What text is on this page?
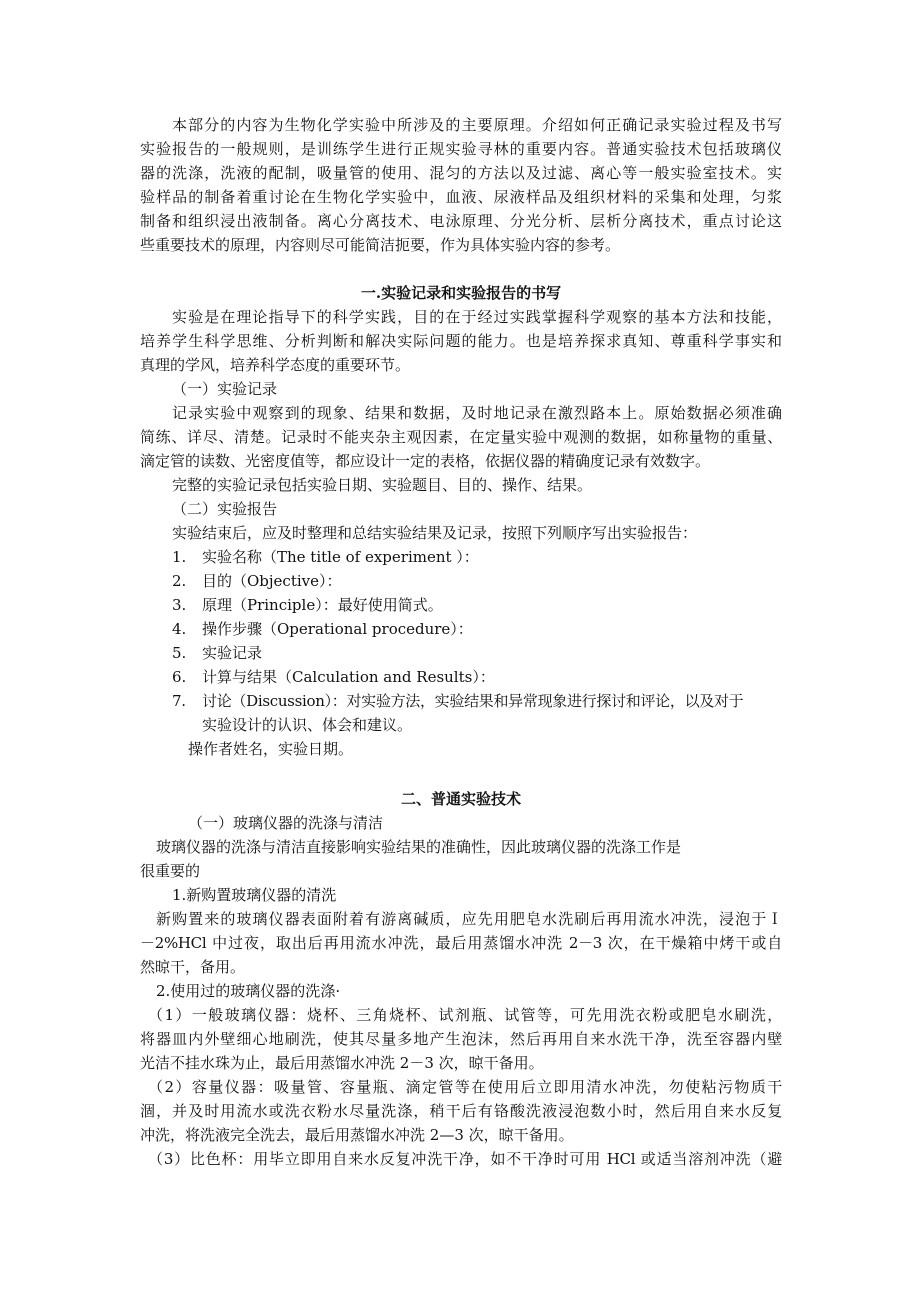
本部分的内容为生物化学实验中所涉及的主要原理。介绍如何正确记录实验过程及书写
实验报告的一般规则，是训练学生进行正规实验寻林的重要内容。普通实验技术包括玻璃仪
器的洗涤，洗液的配制，吸量管的使用、混匀的方法以及过滤、离心等一般实验室技术。实
验样品的制备着重讨论在生物化学实验中，血液、尿液样品及组织材料的采集和处理，匀浆
制备和组织浸出液制备。离心分离技术、电泳原理、分光分析、层析分离技术，重点讨论这
些重要技术的原理，内容则尽可能简洁扼要，作为具体实验内容的参考。
一.实验记录和实验报告的书写
实验是在理论指导下的科学实践，目的在于经过实践掌握科学观察的基本方法和技能，
培养学生科学思维、分析判断和解决实际问题的能力。也是培养探求真知、尊重科学事实和
真理的学风，培养科学态度的重要环节。
（一）实验记录
记录实验中观察到的现象、结果和数据，及时地记录在激烈路本上。原始数据必须准确
简练、详尽、清楚。记录时不能夹杂主观因素，在定量实验中观测的数据，如称量物的重量、
滴定管的读数、光密度值等，都应设计一定的表格，依据仪器的精确度记录有效数字。
完整的实验记录包括实验日期、实验题目、目的、操作、结果。
（二）实验报告
实验结束后，应及时整理和总结实验结果及记录，按照下列顺序写出实验报告：
1. 实验名称（The title of experiment ）：
2. 目的（Objective）：
3. 原理（Principle）：最好使用简式。
4. 操作步骤（Operational procedure）：
5. 实验记录
6. 计算与结果（Calculation and Results）：
7. 讨论（Discussion）：对实验方法，实验结果和异常现象进行探讨和评论，以及对于
实验设计的认识、体会和建议。
操作者姓名，实验日期。
二、普通实验技术
（一）玻璃仪器的洗涤与清洁
玻璃仪器的洗涤与清洁直接影响实验结果的准确性，因此玻璃仪器的洗涤工作是
很重要的
1.新购置玻璃仪器的清洗
新购置来的玻璃仪器表面附着有游离碱质，应先用肥皂水洗刷后再用流水冲洗，浸泡于Ｉ
－2%HCl 中过夜，取出后再用流水冲洗，最后用蒸馏水冲洗 2－3 次，在干燥箱中烤干或自
然晾干，备用。
2.使用过的玻璃仪器的洗涤·
（1）一般玻璃仪器：烧杯、三角烧杯、试剂瓶、试管等，可先用洗衣粉或肥皂水刷洗，
将器皿内外壁细心地刷洗，使其尽量多地产生泡沫，然后再用自来水洗干净，洗至容器内壁
光洁不挂水珠为止，最后用蒸馏水冲洗 2－3 次，晾干备用。
（2）容量仪器：吸量管、容量瓶、滴定管等在使用后立即用清水冲洗，勿使粘污物质干
涸，并及时用流水或洗衣粉水尽量洗涤，稍干后有铬酸洗液浸泡数小时，然后用自来水反复
冲洗，将洗液完全洗去，最后用蒸馏水冲洗 2—3 次，晾干备用。
（3）比色杯：用毕立即用自来水反复冲洗干净，如不干净时可用 HCl 或适当溶剂冲洗（避
